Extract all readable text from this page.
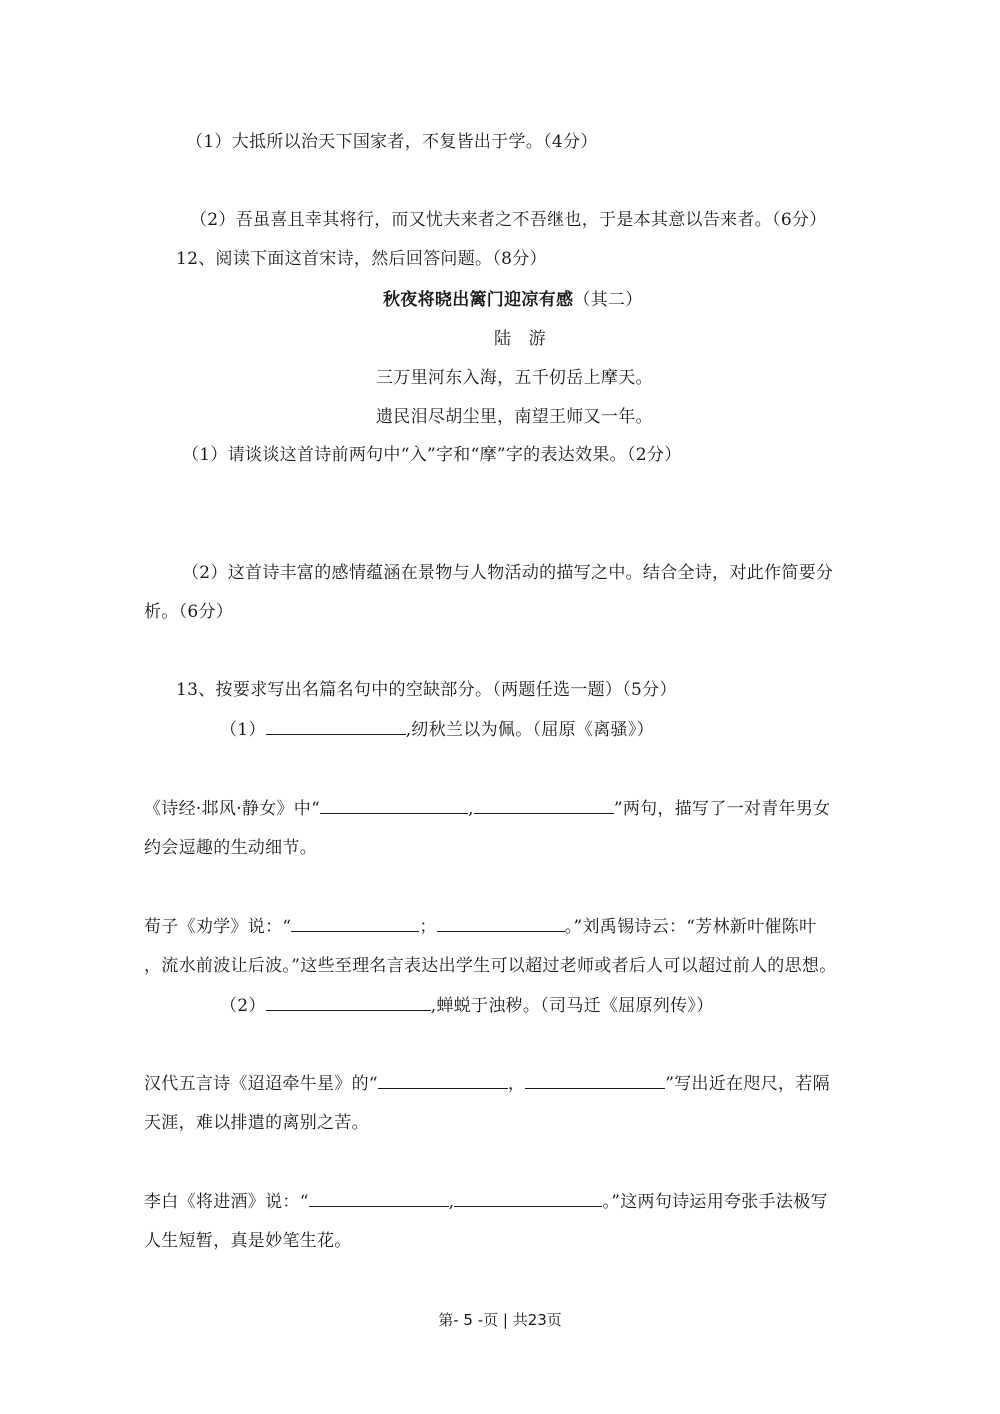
（1）大抵所以治天下国家者，不复皆出于学。（4分）
（2）吾虽喜且幸其将行，而又忧夫来者之不吾继也，于是本其意以告来者。（6分）
12、阅读下面这首宋诗，然后回答问题。（8分）
秋夜将晓出篱门迎凉有感（其二）
陆　游
三万里河东入海，五千仞岳上摩天。
遗民泪尽胡尘里，南望王师又一年。
（1）请谈谈这首诗前两句中“入”字和“摩”字的表达效果。（2分）
（2）这首诗丰富的感情蕴涵在景物与人物活动的描写之中。结合全诗，对此作简要分
析。（6分）
13、按要求写出名篇名句中的空缺部分。（两题任选一题）（5分）
（1）	,纫秋兰以为佩。（屈原《离骚》）
《诗经·邶风·静女》中“	,	”两句，描写了一对青年男女
约会逗趣的生动细节。
荀子《劝学》说：“	；	。”刘禹锡诗云：“芳林新叶催陈叶
，流水前波让后波。”这些至理名言表达出学生可以超过老师或者后人可以超过前人的思想。
（2）	,蝉蜕于浊秽。（司马迁《屈原列传》）
汉代五言诗《迢迢牵牛星》的“	，	”写出近在咫尺，若隔
天涯，难以排遣的离别之苦。
李白《将进酒》说：“	,	。”这两句诗运用夸张手法极写
人生短暂，真是妙笔生花。
第- 5 -页 | 共23页
